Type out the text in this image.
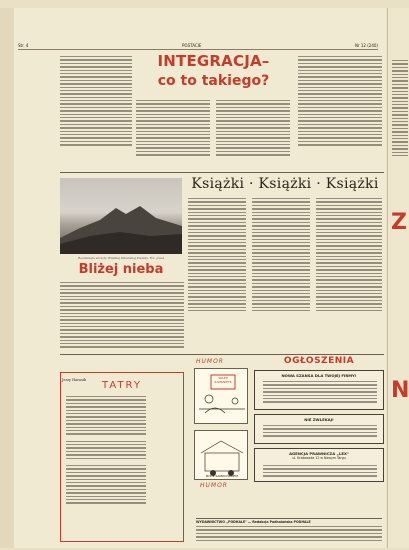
Str. 4	POSTACIE	Nr 12 (240)
INTEGRACJA–
co to takiego?
Rozwinięte szczyty Wielkiej Kiburanej Pieniny. Fot. Józef
Bliżej nieba
Książki · Książki · Książki
Jerzy Harasib	TATRY
HUMOR
SKLEP ZAMKNIĘTE
BYŁ Z SAMOCHODEM
HUMOR
OGŁOSZENIA
NOWA SZANSA DLA TWOJEJ FIRMY!
NIE ZWLEKAJ!
AGENCJA PRAWNICZA „LEX"
ul. Krakowska 12 w Nowym Targu
WYDAWNICTWO „PODHALE" — Redakcja Podhalańska PODHALE
Z
N
